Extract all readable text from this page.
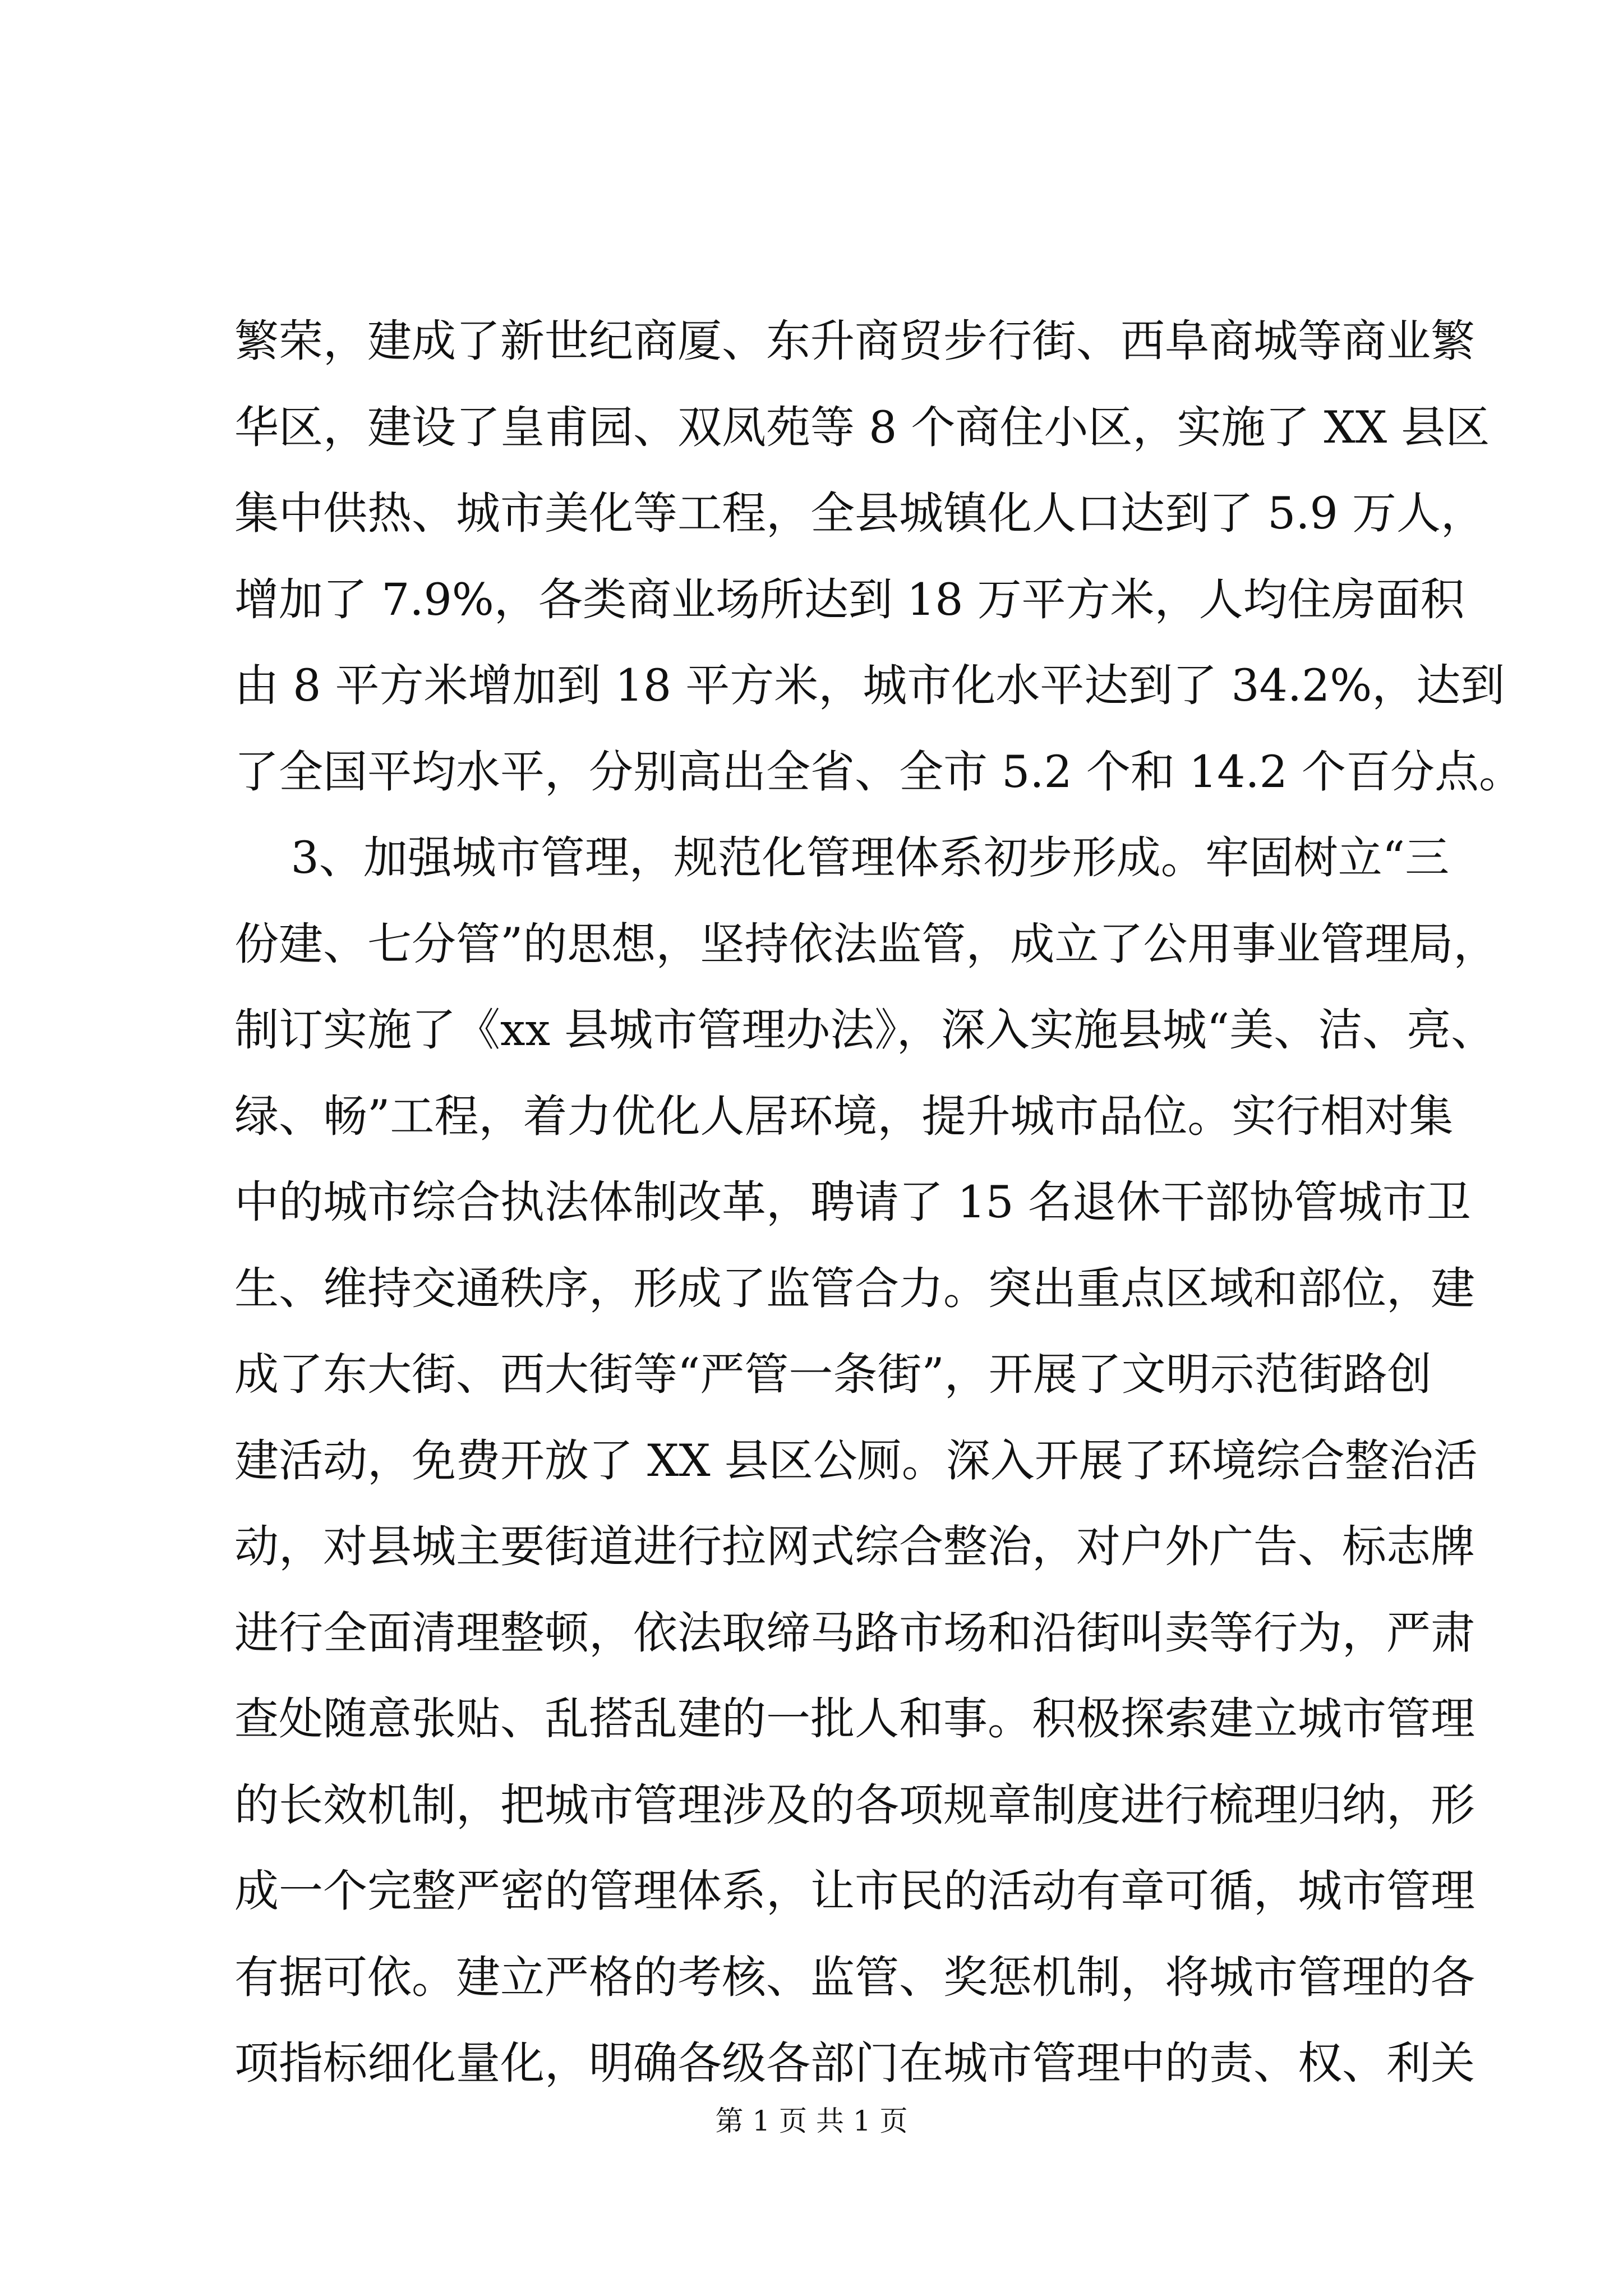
繁荣，建成了新世纪商厦、东升商贸步行街、西阜商城等商业繁
华区，建设了皇甫园、双凤苑等 8 个商住小区，实施了 XX 县区
集中供热、城市美化等工程，全县城镇化人口达到了 5.9 万人，
增加了 7.9%，各类商业场所达到 18 万平方米，人均住房面积
由 8 平方米增加到 18 平方米，城市化水平达到了 34.2%，达到
了全国平均水平，分别高出全省、全市 5.2 个和 14.2 个百分点。
3、加强城市管理，规范化管理体系初步形成。牢固树立“三
份建、七分管”的思想，坚持依法监管，成立了公用事业管理局，
制订实施了《xx 县城市管理办法》，深入实施县城“美、洁、亮、
绿、畅”工程，着力优化人居环境，提升城市品位。实行相对集
中的城市综合执法体制改革，聘请了 15 名退休干部协管城市卫
生、维持交通秩序，形成了监管合力。突出重点区域和部位，建
成了东大街、西大街等“严管一条街”，开展了文明示范街路创
建活动，免费开放了 XX 县区公厕。深入开展了环境综合整治活
动，对县城主要街道进行拉网式综合整治，对户外广告、标志牌
进行全面清理整顿，依法取缔马路市场和沿街叫卖等行为，严肃
查处随意张贴、乱搭乱建的一批人和事。积极探索建立城市管理
的长效机制，把城市管理涉及的各项规章制度进行梳理归纳，形
成一个完整严密的管理体系，让市民的活动有章可循，城市管理
有据可依。建立严格的考核、监管、奖惩机制，将城市管理的各
项指标细化量化，明确各级各部门在城市管理中的责、权、利关
第 1 页 共 1 页
